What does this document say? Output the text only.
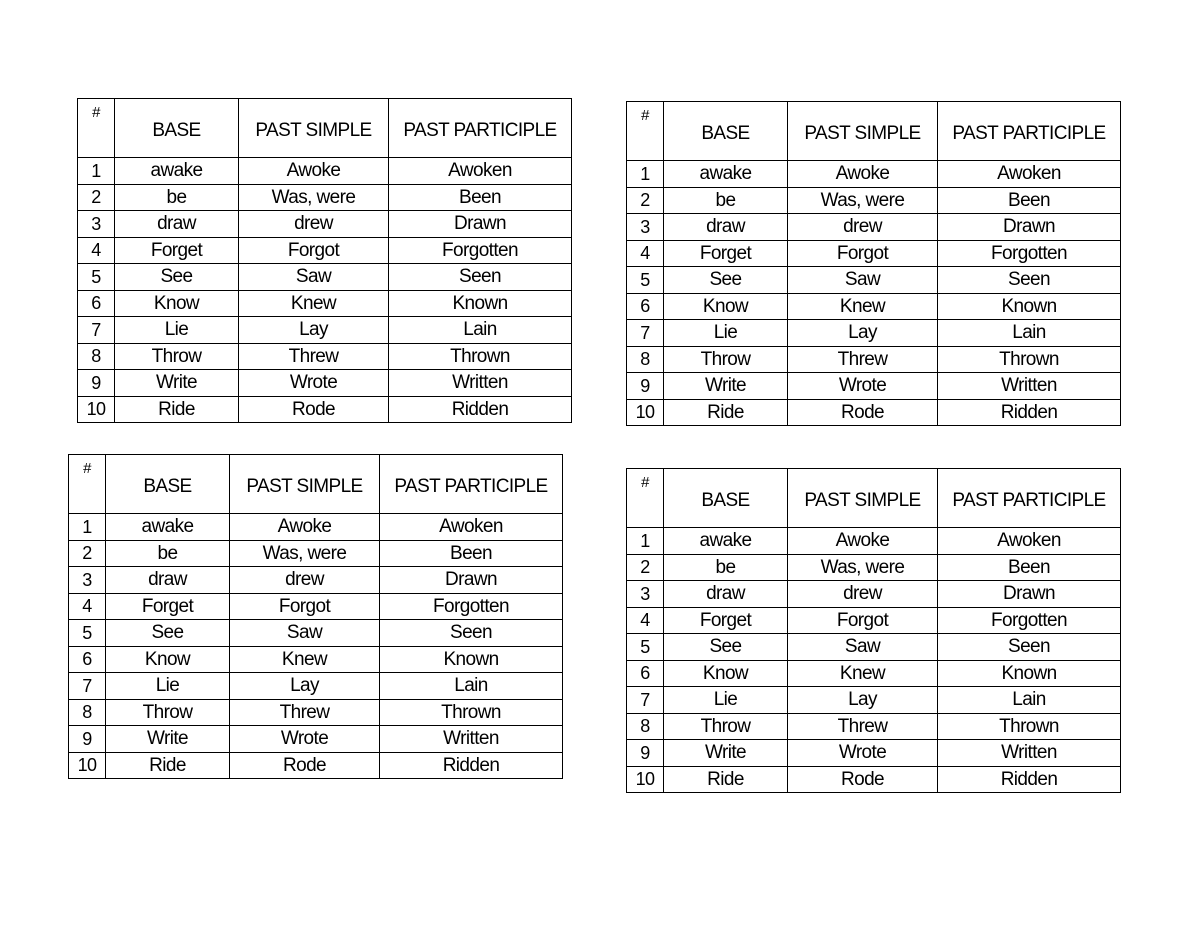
#	BASE	PAST SIMPLE	PAST PARTICIPLE
1	awake	Awoke	Awoken
2	be	Was, were	Been
3	draw	drew	Drawn
4	Forget	Forgot	Forgotten
5	See	Saw	Seen
6	Know	Knew	Known
7	Lie	Lay	Lain
8	Throw	Threw	Thrown
9	Write	Wrote	Written
10	Ride	Rode	Ridden
#	BASE	PAST SIMPLE	PAST PARTICIPLE
1	awake	Awoke	Awoken
2	be	Was, were	Been
3	draw	drew	Drawn
4	Forget	Forgot	Forgotten
5	See	Saw	Seen
6	Know	Knew	Known
7	Lie	Lay	Lain
8	Throw	Threw	Thrown
9	Write	Wrote	Written
10	Ride	Rode	Ridden
#	BASE	PAST SIMPLE	PAST PARTICIPLE
1	awake	Awoke	Awoken
2	be	Was, were	Been
3	draw	drew	Drawn
4	Forget	Forgot	Forgotten
5	See	Saw	Seen
6	Know	Knew	Known
7	Lie	Lay	Lain
8	Throw	Threw	Thrown
9	Write	Wrote	Written
10	Ride	Rode	Ridden
#	BASE	PAST SIMPLE	PAST PARTICIPLE
1	awake	Awoke	Awoken
2	be	Was, were	Been
3	draw	drew	Drawn
4	Forget	Forgot	Forgotten
5	See	Saw	Seen
6	Know	Knew	Known
7	Lie	Lay	Lain
8	Throw	Threw	Thrown
9	Write	Wrote	Written
10	Ride	Rode	Ridden
